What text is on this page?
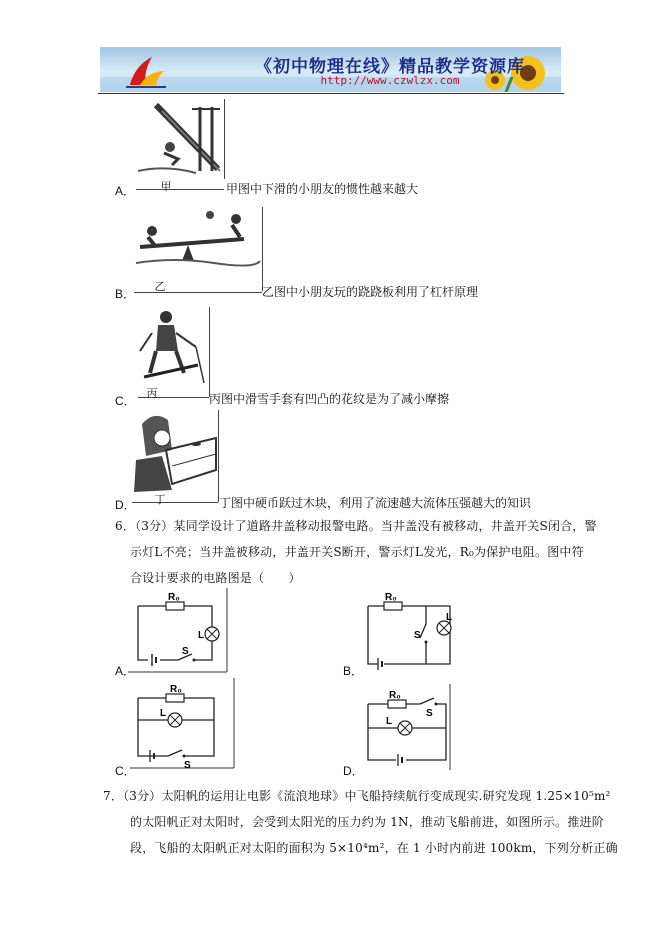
《初中物理在线》精品教学资源库
http://www.czwlzx.com
甲
A．	甲图中下滑的小朋友的惯性越来越大
乙
B．	乙图中小朋友玩的跷跷板利用了杠杆原理
丙
C．	丙图中滑雪手套有凹凸的花纹是为了减小摩擦
丁
D．	丁图中硬币跃过木块，利用了流速越大流体压强越大的知识
6．（3分）某同学设计了道路井盖移动报警电路。当井盖没有被移动，井盖开关S闭合，警
示灯L不亮；当井盖被移动，井盖开关S断开，警示灯L发光，R₀为保护电阻。图中符
合设计要求的电路图是（　　）
A．
R₀
L
S
B．
R₀
S
L
C．
R₀
L
S	D．
R₀
S
L
7．（3分）太阳帆的运用让电影《流浪地球》中飞船持续航行变成现实.研究发现 1.25×10⁵m²
的太阳帆正对太阳时，会受到太阳光的压力约为 1N，推动飞船前进，如图所示。推进阶
段，飞船的太阳帆正对太阳的面积为 5×10⁴m²，在 1 小时内前进 100km，下列分析正确
